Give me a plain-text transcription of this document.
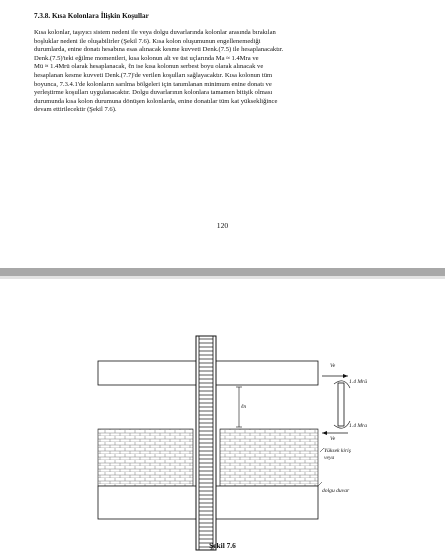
7.3.8. Kısa Kolonlara İlişkin Koşullar

Kısa kolonlar, taşıyıcı sistem nedeni ile veya dolgu duvarlarında kolonlar arasında bırakılan

boşluklar nedeni ile oluşabilirler (Şekil 7.6). Kısa kolon oluşumunun engellenemediği

durumlarda, enine donatı hesabına esas alınacak kesme kuvveti Denk.(7.5) ile hesaplanacaktır.

Denk.(7.5)'teki eğilme momentleri, kısa kolonun alt ve üst uçlarında Ma ≈ 1.4Mra ve

Mü ≈ 1.4Mrü olarak hesaplanacak, ℓn ise kısa kolonun serbest boyu olarak alınacak ve

hesaplanan kesme kuvveti Denk.(7.7)'de verilen koşulları sağlayacaktır. Kısa kolonun tüm

boyunca, 7.3.4.1'de kolonların sarılma bölgeleri için tanımlanan minimum enine donatı ve

yerleştirme koşulları uygulanacaktır. Dolgu duvarlarının kolonlara tamamen bitişik olması

durumunda kısa kolon durumuna dönüşen kolonlarda, enine donatılar tüm kat yüksekliğince

devam ettirilecektir (Şekil 7.6).

120
ℓn
Ve
1.4 Mrü
1.4 Mra
Ve
Yüksek kiriş
veya
dolgu duvar
Şekil 7.6
